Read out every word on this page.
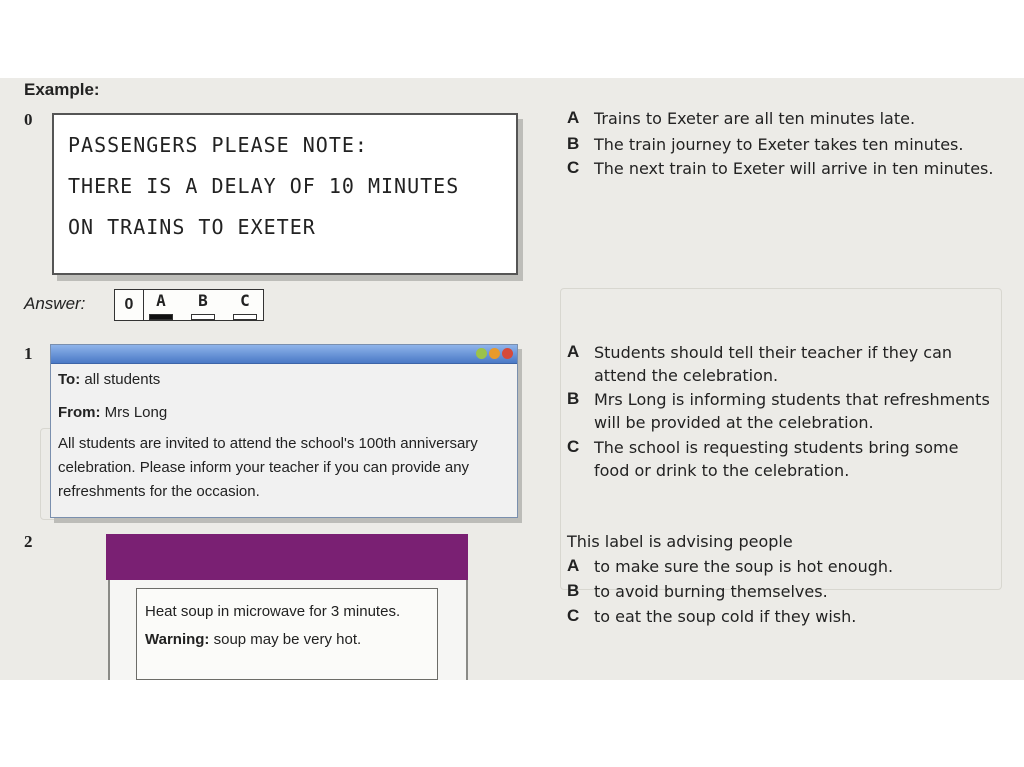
Example:
0
PASSENGERS PLEASE NOTE:
THERE IS A DELAY OF 10 MINUTES
ON TRAINS TO EXETER
A Trains to Exeter are all ten minutes late.
B The train journey to Exeter takes ten minutes.
C The next train to Exeter will arrive in ten minutes.
Answer:	0	A	B	C
1
To: all students
From: Mrs Long
All students are invited to attend the school's 100th anniversary
celebration. Please inform your teacher if you can provide any
refreshments for the occasion.
A Students should tell their teacher if they can
attend the celebration.
B Mrs Long is informing students that refreshments
will be provided at the celebration.
C The school is requesting students bring some
food or drink to the celebration.
2
Heat soup in microwave for 3 minutes.
Warning: soup may be very hot.
This label is advising people
A to make sure the soup is hot enough.
B to avoid burning themselves.
C to eat the soup cold if they wish.
